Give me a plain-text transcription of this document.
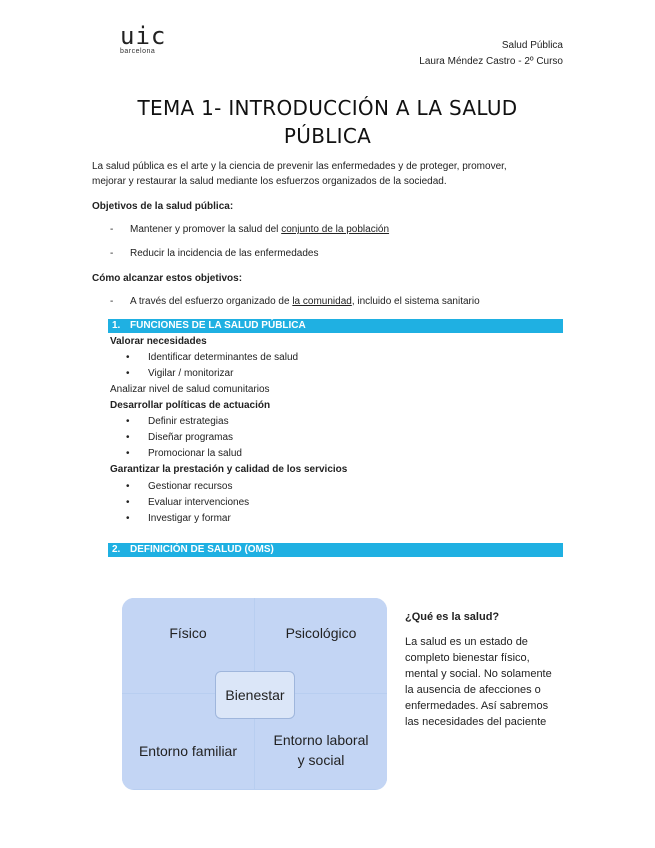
uic
barcelona
Salud Pública
Laura Méndez Castro - 2º Curso
TEMA 1- INTRODUCCIÓN A LA SALUD
PÚBLICA
La salud pública es el arte y la ciencia de prevenir las enfermedades y de proteger, promover,
mejorar y restaurar la salud mediante los esfuerzos organizados de la sociedad.
Objetivos de la salud pública:
- Mantener y promover la salud del conjunto de la población
- Reducir la incidencia de las enfermedades
Cómo alcanzar estos objetivos:
- A través del esfuerzo organizado de la comunidad, incluido el sistema sanitario
1. FUNCIONES DE LA SALUD PÚBLICA
Valorar necesidades
• Identificar determinantes de salud
• Vigilar / monitorizar
Analizar nivel de salud comunitarios
Desarrollar políticas de actuación
• Definir estrategias
• Diseñar programas
• Promocionar la salud
Garantizar la prestación y calidad de los servicios
• Gestionar recursos
• Evaluar intervenciones
• Investigar y formar
2. DEFINICIÓN DE SALUD (OMS)
Físico	Psicológico
Entorno familiar
Entorno laboral
y social
Bienestar
¿Qué es la salud?
La salud es un estado de
completo bienestar físico,
mental y social. No solamente
la ausencia de afecciones o
enfermedades. Así sabremos
las necesidades del paciente
